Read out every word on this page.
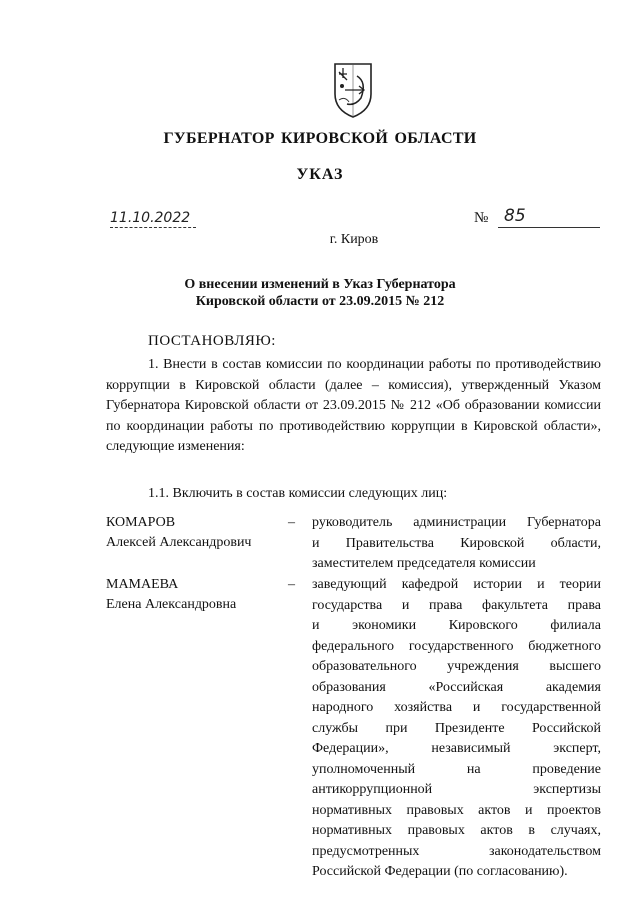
ГУБЕРНАТОР КИРОВСКОЙ ОБЛАСТИ
УКАЗ
11.10.2022	№ 85
г. Киров
О внесении изменений в Указ Губернатора
Кировской области от 23.09.2015 № 212
ПОСТАНОВЛЯЮ:
1. Внести в состав комиссии по координации работы по противодействию коррупции в Кировской области (далее – комиссия), утвержденный Указом Губернатора Кировской области от 23.09.2015 № 212 «Об образовании комиссии по координации работы по противодействию коррупции в Кировской области», следующие изменения:
1.1. Включить в состав комиссии следующих лиц:
КОМАРОВ
Алексей Александрович
– руководитель администрации Губернатора
и Правительства Кировской области,
заместителем председателя комиссии
МАМАЕВА
Елена Александровна
– заведующий кафедрой истории и теории
государства и права факультета права
и экономики Кировского филиала
федерального государственного бюджетного
образовательного учреждения высшего
образования «Российская академия
народного хозяйства и государственной
службы при Президенте Российской
Федерации», независимый эксперт,
уполномоченный на проведение
антикоррупционной экспертизы
нормативных правовых актов и проектов
нормативных правовых актов в случаях,
предусмотренных законодательством
Российской Федерации (по согласованию).
